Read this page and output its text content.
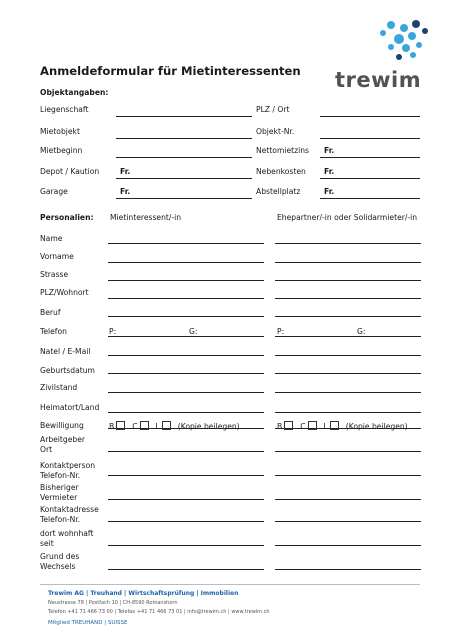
trewim
Anmeldeformular für Mietinteressenten
Objektangaben:
Liegenschaft	PLZ / Ort
Mietobjekt	Objekt-Nr.
Mietbeginn	Nettomietzins Fr.
Depot / Kaution	Fr.	Nebenkosten Fr.
Garage	Fr.	Abstellplatz	Fr.
Personalien: Mietinteressent/-in	Ehepartner/-in oder Solidarmieter/-in
Name
Vorname
Strasse
PLZ/Wohnort
Beruf
Telefon	P:	G:	P:	G:
Natel / E-Mail
Geburtsdatum
Zivilstand
Heimatort/Land
Bewilligung	B C L (Kopie beilegen)	B C L (Kopie beilegen)
Arbeitgeber
Ort
Kontaktperson
Telefon-Nr.
Bisheriger
Vermieter
Kontaktadresse
Telefon-Nr.
dort wohnhaft
seit
Grund des
Wechsels
Trewim AG | Treuhand | Wirtschaftsprüfung | Immobilien
Neustrasse 78 | Postfach 10 | CH-8590 Romanshorn
Telefon +41 71 466 73 00 | Telefax +41 71 466 73 01 | info@trewim.ch | www.trewim.ch
Mitglied TREUHAND | SUISSE
